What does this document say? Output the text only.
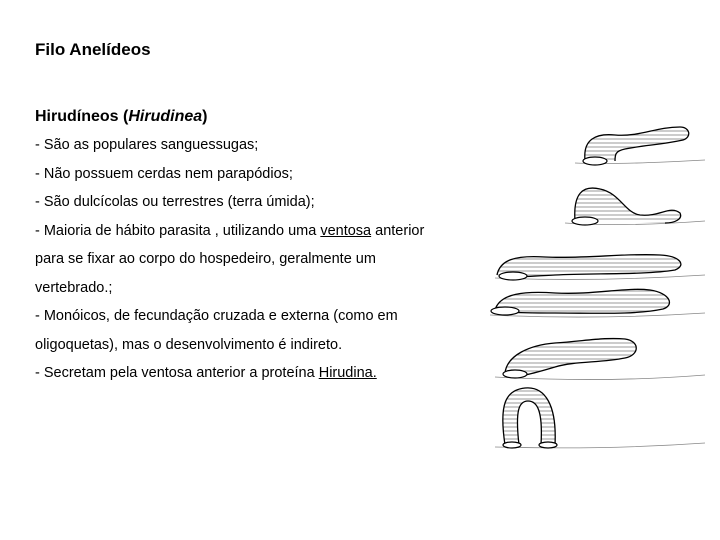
Filo Anelídeos
Hirudíneos (Hirudinea)

- São as populares sanguessugas;

- Não possuem cerdas nem parapódios;

- São dulcícolas ou terrestres (terra úmida);

- Maioria de hábito parasita , utilizando uma ventosa anterior para se fixar ao corpo do hospedeiro, geralmente um vertebrado.;

- Monóicos, de fecundação cruzada e externa (como em oligoquetas), mas o desenvolvimento é indireto.

- Secretam pela ventosa anterior a proteína Hirudina.
